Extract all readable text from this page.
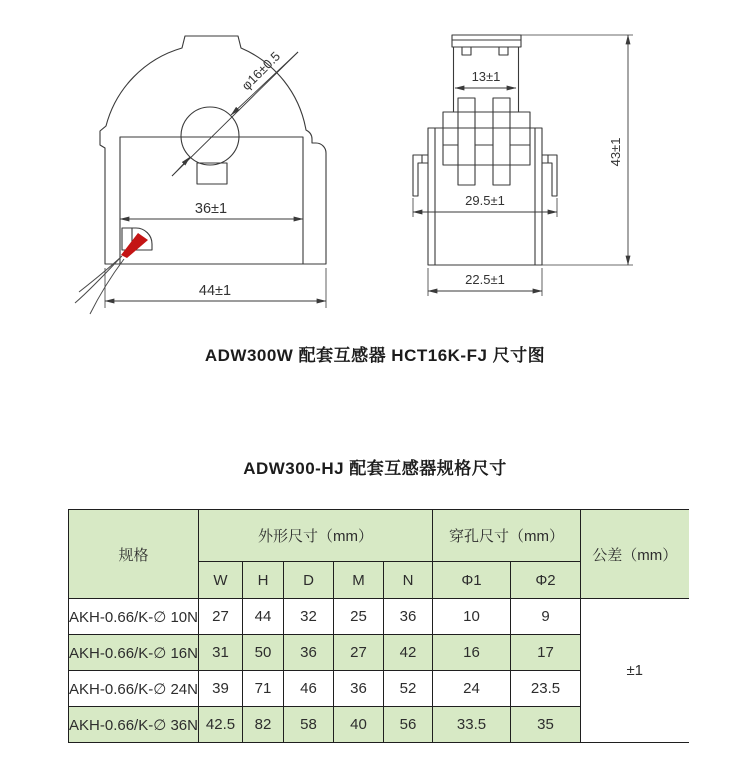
φ16±0.5
36±1
44±1
13±1
29.5±1
22.5±1
43±1
ADW300W 配套互感器 HCT16K-FJ 尺寸图
ADW300-HJ 配套互感器规格尺寸
规格	外形尺寸（mm）					穿孔尺寸（mm）		公差（mm）
	W	H	D	M	N	Φ1	Φ2	
AKH-0.66/K-∅ 10N	27	44	32	25	36	10	9	±1
AKH-0.66/K-∅ 16N	31	50	36	27	42	16	17	
AKH-0.66/K-∅ 24N	39	71	46	36	52	24	23.5	
AKH-0.66/K-∅ 36N	42.5	82	58	40	56	33.5	35	
